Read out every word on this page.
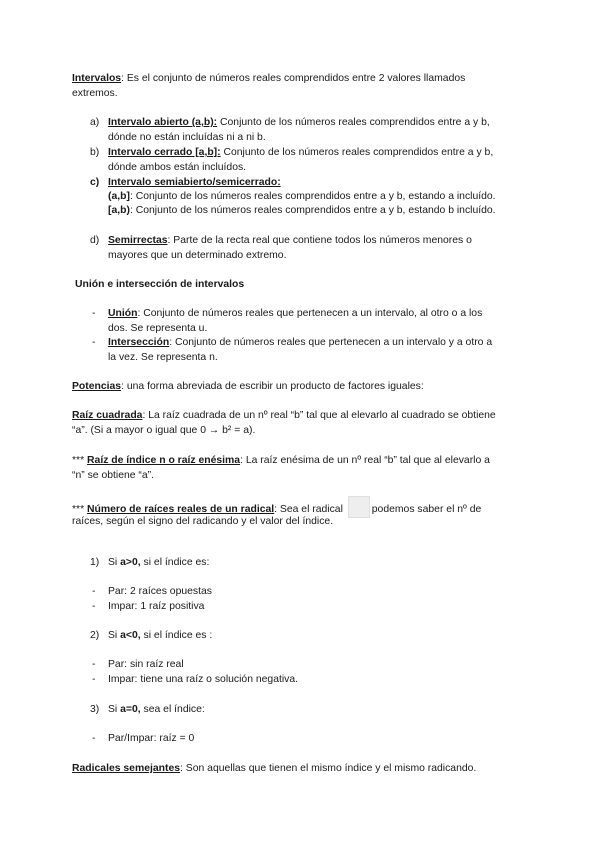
Intervalos: Es el conjunto de números reales comprendidos entre 2 valores llamados
extremos.
a) Intervalo abierto (a,b): Conjunto de los números reales comprendidos entre a y b,
dónde no están incluídas ni a ni b.
b) Intervalo cerrado [a,b]: Conjunto de los números reales comprendidos entre a y b,
dónde ambos están incluídos.
c) Intervalo semiabierto/semicerrado:
(a,b]: Conjunto de los números reales comprendidos entre a y b, estando a incluído.
[a,b): Conjunto de los números reales comprendidos entre a y b, estando b incluído.
d) Semirrectas: Parte de la recta real que contiene todos los números menores o
mayores que un determinado extremo.
Unión e intersección de intervalos
- Unión: Conjunto de números reales que pertenecen a un intervalo, al otro o a los
dos. Se representa u.
- Intersección: Conjunto de números reales que pertenecen a un intervalo y a otro a
la vez. Se representa n.
Potencias: una forma abreviada de escribir un producto de factores iguales:
Raíz cuadrada: La raíz cuadrada de un nº real “b” tal que al elevarlo al cuadrado se obtiene
“a”. (Si a mayor o igual que 0 → b² = a).
*** Raíz de índice n o raíz enésima: La raíz enésima de un nº real “b” tal que al elevarlo a
“n” se obtiene “a”.
*** Número de raíces reales de un radical: Sea el radical	podemos saber el nº de
raíces, según el signo del radicando y el valor del índice.
1) Si a>0, si el índice es:
- Par: 2 raíces opuestas
- Impar: 1 raíz positiva
2) Si a<0, si el índice es :
- Par: sin raíz real
- Impar: tiene una raíz o solución negativa.
3) Si a=0, sea el índice:
- Par/Impar: raíz = 0
Radicales semejantes: Son aquellas que tienen el mismo índice y el mismo radicando.
